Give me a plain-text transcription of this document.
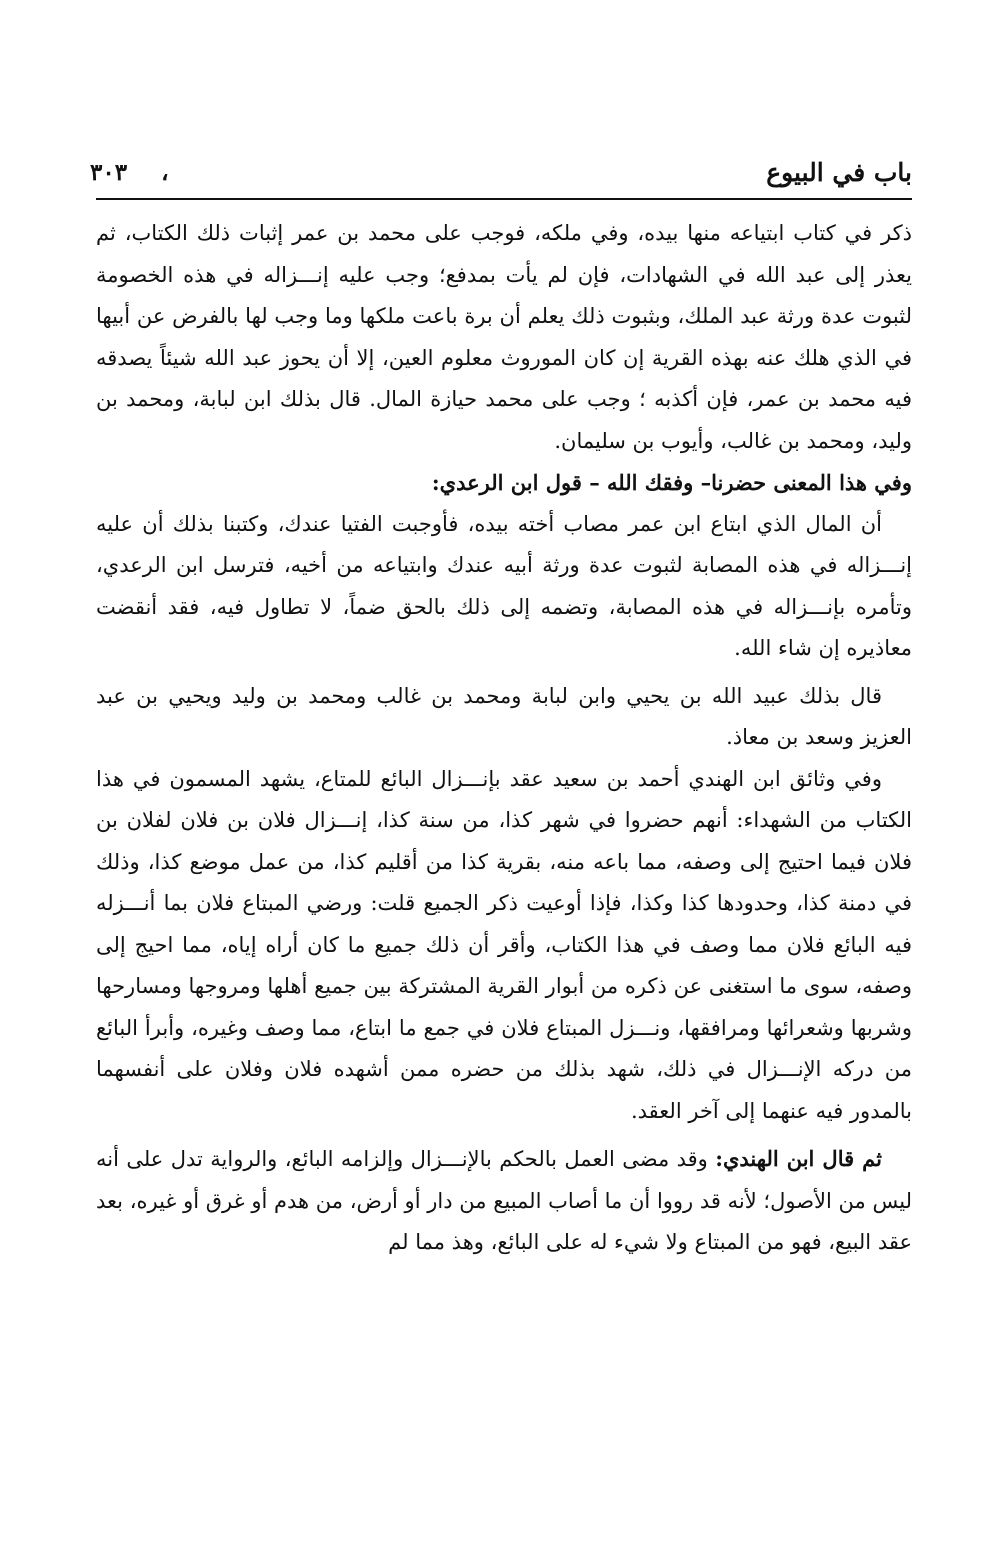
باب في البيوع
،
٣٠٣

ذكر في كتاب ابتياعه منها بيده، وفي ملكه، فوجب على محمد بن عمر إثبات ذلك الكتاب، ثم يعذر إلى عبد الله في الشهادات، فإن لم يأت بمدفع؛ وجب عليه إنـــزاله في هذه الخصومة لثبوت عدة ورثة عبد الملك، وبثبوت ذلك يعلم أن برة باعت ملكها وما وجب لها بالفرض عن أبيها في الذي هلك عنه بهذه القرية إن كان الموروث معلوم العين، إلا أن يحوز عبد الله شيئاً يصدقه فيه محمد بن عمر، فإن أكذبه ؛ وجب على محمد حيازة المال. قال بذلك ابن لبابة، ومحمد بن وليد، ومحمد بن غالب، وأيوب بن سليمان.

وفي هذا المعنى حضرنا– وفقك الله – قول ابن الرعدي:

أن المال الذي ابتاع ابن عمر مصاب أخته بيده، فأوجبت الفتيا عندك، وكتبنا بذلك أن عليه إنـــزاله في هذه المصابة لثبوت عدة ورثة أبيه عندك وابتياعه من أخيه، فترسل ابن الرعدي، وتأمره بإنـــزاله في هذه المصابة، وتضمه إلى ذلك بالحق ضماً، لا تطاول فيه، فقد أنقضت معاذيره إن شاء الله.

قال بذلك عبيد الله بن يحيي وابن لبابة ومحمد بن غالب ومحمد بن وليد ويحيي بن عبد العزيز وسعد بن معاذ.

وفي وثائق ابن الهندي أحمد بن سعيد عقد بإنـــزال البائع للمتاع، يشهد المسمون في هذا الكتاب من الشهداء: أنهم حضروا في شهر كذا، من سنة كذا، إنـــزال فلان بن فلان لفلان بن فلان فيما احتيج إلى وصفه، مما باعه منه، بقرية كذا من أقليم كذا، من عمل موضع كذا، وذلك في دمنة كذا، وحدودها كذا وكذا، فإذا أوعيت ذكر الجميع قلت: ورضي المبتاع فلان بما أنـــزله فيه البائع فلان مما وصف في هذا الكتاب، وأقر أن ذلك جميع ما كان أراه إياه، مما احيج إلى وصفه، سوى ما استغنى عن ذكره من أبوار القرية المشتركة بين جميع أهلها ومروجها ومسارحها وشربها وشعرائها ومرافقها، ونـــزل المبتاع فلان في جمع ما ابتاع، مما وصف وغيره، وأبرأ البائع من دركه الإنـــزال في ذلك، شهد بذلك من حضره ممن أشهده فلان وفلان على أنفسهما بالمدور فيه عنهما إلى آخر العقد.

ثم قال ابن الهندي: وقد مضى العمل بالحكم بالإنـــزال وإلزامه البائع، والرواية تدل على أنه ليس من الأصول؛ لأنه قد رووا أن ما أصاب المبيع من دار أو أرض، من هدم أو غرق أو غيره، بعد عقد البيع، فهو من المبتاع ولا شيء له على البائع، وهذ مما لم
